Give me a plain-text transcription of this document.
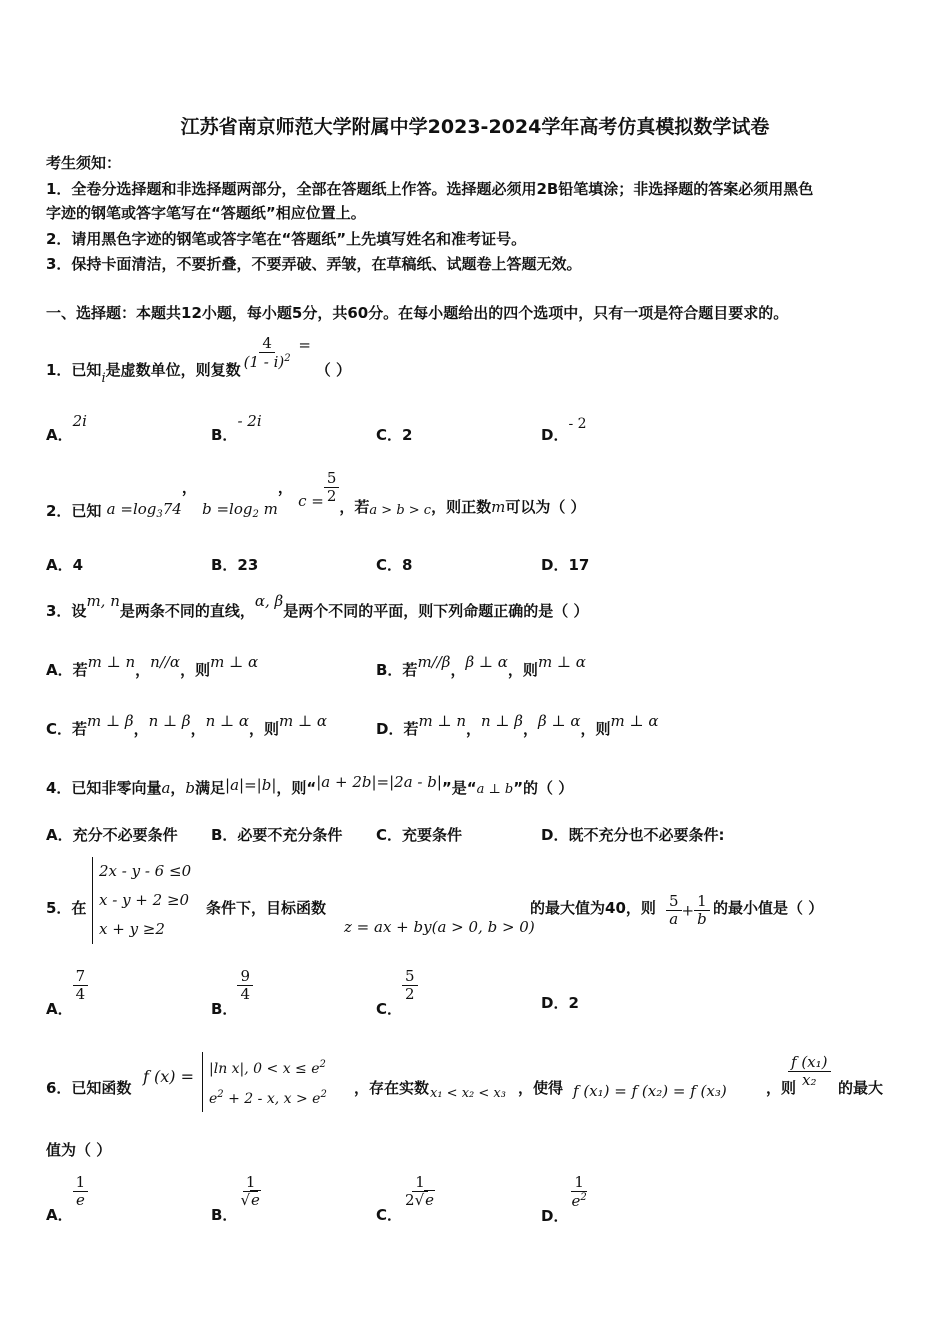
江苏省南京师范大学附属中学2023-2024学年高考仿真模拟数学试卷
考生须知：
1．全卷分选择题和非选择题两部分，全部在答题纸上作答。选择题必须用2B铅笔填涂；非选择题的答案必须用黑色
字迹的钢笔或答字笔写在“答题纸”相应位置上。
2．请用黑色字迹的钢笔或答字笔在“答题纸”上先填写姓名和准考证号。
3．保持卡面清洁，不要折叠，不要弄破、弄皱，在草稿纸、试题卷上答题无效。
一、选择题：本题共12小题，每小题5分，共60分。在每小题给出的四个选项中，只有一项是符合题目要求的。
1．已知i是虚数单位，则复数 $\frac{4}{(1 - i)^2}$ = （ ）
A．2i
B．- 2i
C．2	D．- 2
2．已知 $a =\log_374$， $b =\log_2$ m， $c = \frac{5}{2}$
，若a > b > c，则正数m可以为（ ）
A．4	B．23	C．8	D．17
3．设m, n是两条不同的直线，α, β是两个不同的平面，则下列命题正确的是（ ）
A．若m ⊥ n，n//α，则m ⊥ α	B．若m//β，β ⊥ α，则m ⊥ α
C．若m ⊥ β，n ⊥ β，n ⊥ α，则m ⊥ α	D．若m ⊥ n，n ⊥ β，β ⊥ α，则m ⊥ α
4．已知非零向量a，b满足|a|=|b|，则“|a + 2b|=|2a - b|”是“a ⊥ b”的（ ）
A．充分不必要条件 B．必要不充分条件 C．充要条件	D．既不充分也不必要条件:
5．在
2x - y - 6 ≤0
x - y + 2 ≥0
x + y ≥2
条件下，目标函数
z = ax + by(a > 0, b > 0)
的最大值为40，则 $\frac{5}{a} + \frac{1}{b}$ 的最小值是（ ）
A．
$\frac{7}{4}$
B．
$\frac{9}{4}$
C．
$\frac{5}{2}$	D．2
6．已知函数
f (x) = |ln x|, $0 < x \le e^2$
$e^2 + 2 - x$, $x > e^2$ ，存在实数 x₁ < x₂ < x₃ ，使得 f (x₁) = f (x₂) = f (x₃)	，则
$\frac{\text{f (x₁)}}{\text{x₂}}$ 的最大
值为（ ）
A．
$\frac{1}{e}$
B．
$\frac{1}{√e}$
C．
$\frac{1}{2√e}$
D．
$\frac{1}{e^2}$
